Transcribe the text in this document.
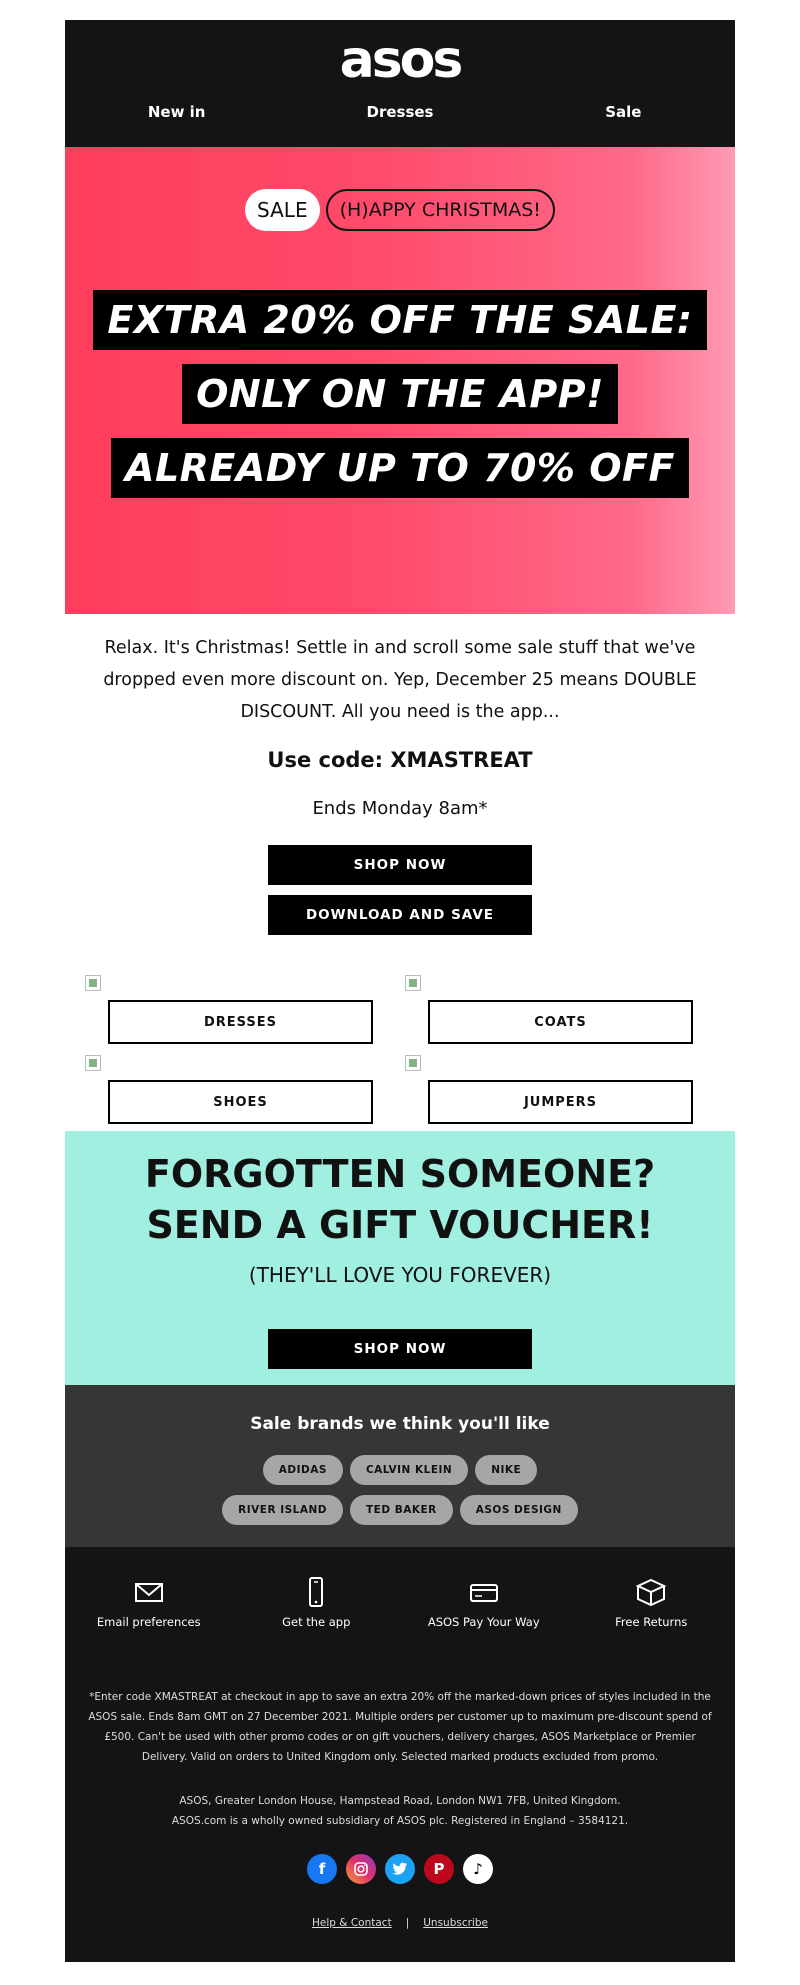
asos
New in	Dresses	Sale
SALE	(H)APPY CHRISTMAS!
EXTRA 20% OFF THE SALE:
ONLY ON THE APP!
ALREADY UP TO 70% OFF

Relax. It's Christmas! Settle in and scroll some sale stuff that we've dropped even more discount on. Yep, December 25 means DOUBLE DISCOUNT. All you need is the app...

Use code: XMASTREAT
Ends Monday 8am*
SHOP NOW
DOWNLOAD AND SAVE
DRESSES	COATS
SHOES	JUMPERS
FORGOTTEN SOMEONE? SEND A GIFT VOUCHER!
(THEY'LL LOVE YOU FOREVER)
SHOP NOW
Sale brands we think you'll like
ADIDAS	CALVIN KLEIN	NIKE
RIVER ISLAND	TED BAKER	ASOS DESIGN
Email preferences	Get the app	ASOS Pay Your Way	Free Returns

*Enter code XMASTREAT at checkout in app to save an extra 20% off the marked-down prices of styles included in the ASOS sale. Ends 8am GMT on 27 December 2021. Multiple orders per customer up to maximum pre-discount spend of £500. Can't be used with other promo codes or on gift vouchers, delivery charges, ASOS Marketplace or Premier Delivery. Valid on orders to United Kingdom only. Selected marked products excluded from promo.

ASOS, Greater London House, Hampstead Road, London NW1 7FB, United Kingdom.
ASOS.com is a wholly owned subsidiary of ASOS plc. Registered in England – 3584121.
f	P	♪
Help & Contact | Unsubscribe
